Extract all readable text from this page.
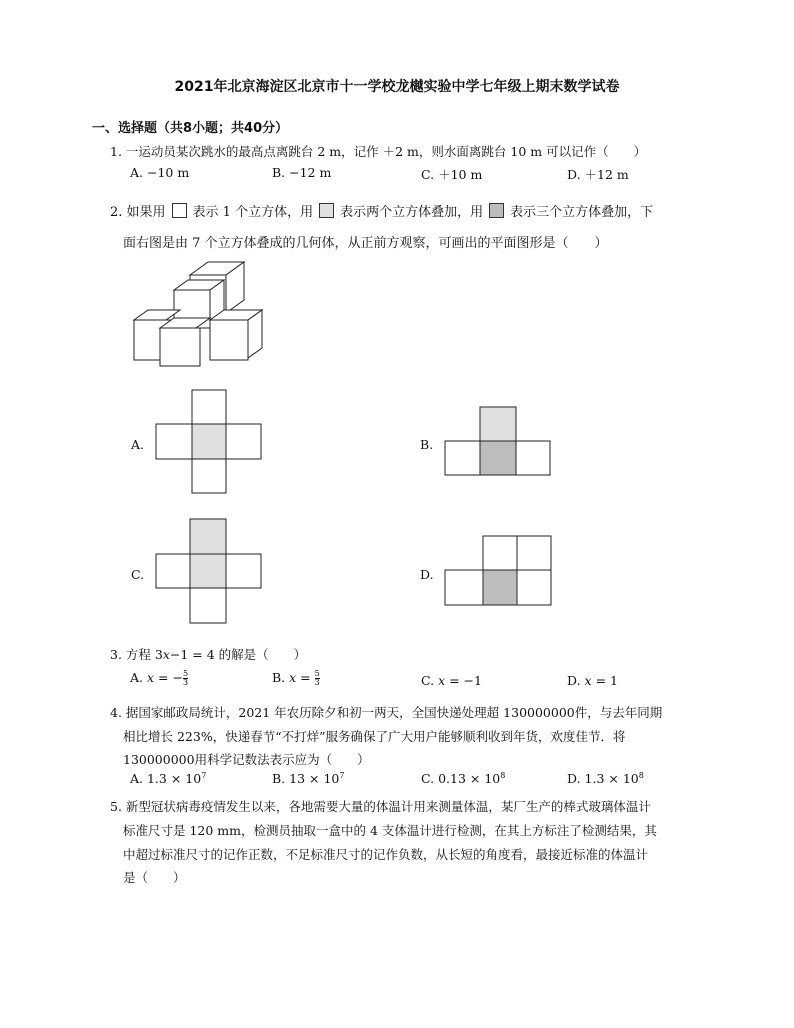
2021年北京海淀区北京市十一学校龙樾实验中学七年级上期末数学试卷
一、选择题（共8小题；共40分）
1. 一运动员某次跳水的最高点离跳台 2 m，记作 ＋2 m，则水面离跳台 10 m 可以记作（　　）
A. −10 m	B. −12 m	C. ＋10 m	D. ＋12 m
2. 如果用 表示 1 个立方体，用 表示两个立方体叠加，用 表示三个立方体叠加，下
面右图是由 7 个立方体叠成的几何体，从正前方观察，可画出的平面图形是（　　）
A.	B.
C.	D.
3. 方程 3x−1 = 4 的解是（　　）
A. x = − $\frac{5}{3}$	B. $x = \frac{5}{3}$	C. x = −1	D. x = 1
4. 据国家邮政局统计，2021 年农历除夕和初一两天，全国快递处理超 130000000件，与去年同期
相比增长 223%，快递春节“不打烊”服务确保了广大用户能够顺利收到年货，欢度佳节．将
130000000用科学记数法表示应为（　　）
A. $1.3 \times 10^7$	B. $13 \times 10^7$	C. $0.13 \times 10^8$	D. $1.3 \times 10^8$
5. 新型冠状病毒疫情发生以来，各地需要大量的体温计用来测量体温，某厂生产的棒式玻璃体温计
标准尺寸是 120 mm，检测员抽取一盒中的 4 支体温计进行检测，在其上方标注了检测结果，其
中超过标准尺寸的记作正数，不足标准尺寸的记作负数，从长短的角度看，最接近标准的体温计
是（　　）
